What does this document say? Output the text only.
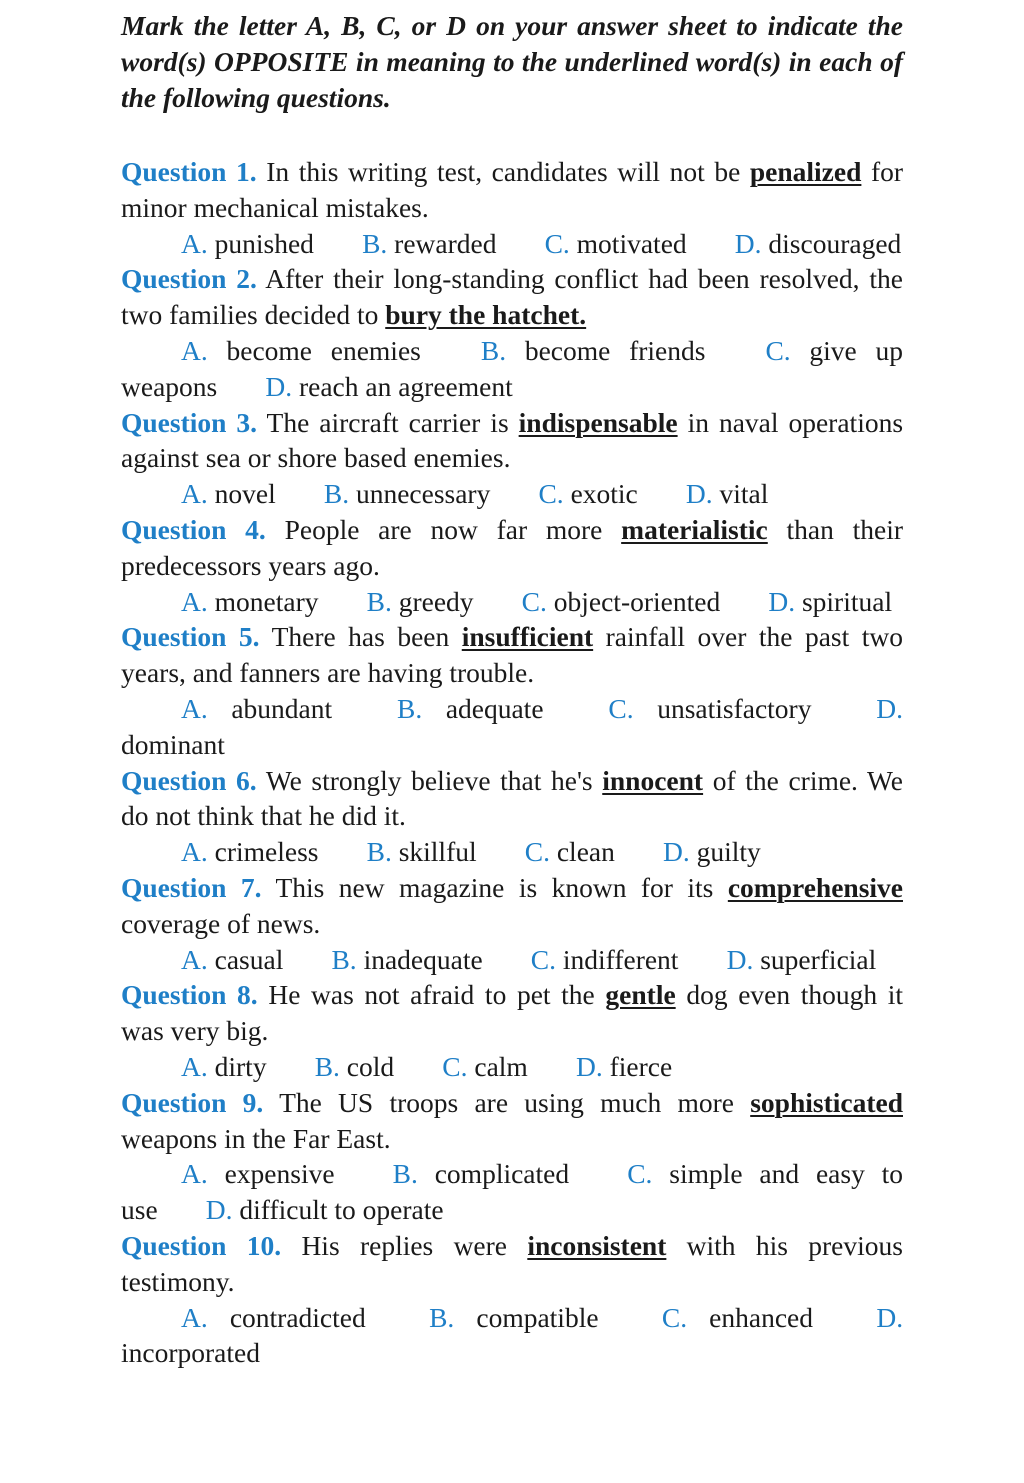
Mark the letter A, B, C, or D on your answer sheet to indicate the word(s) OPPOSITE in meaning to the underlined word(s) in each of the following questions.

Question 1. In this writing test, candidates will not be penalized for minor mechanical mistakes.

A. punished   B. rewarded   C. motivated   D. discouraged

Question 2. After their long-standing conflict had been resolved, the two families decided to bury the hatchet.

A. become enemies   B. become friends   C. give up weapons   D. reach an agreement

Question 3. The aircraft carrier is indispensable in naval operations against sea or shore based enemies.

A. novel   B. unnecessary   C. exotic   D. vital

Question 4. People are now far more materialistic than their predecessors years ago.

A. monetary   B. greedy   C. object-oriented   D. spiritual

Question 5. There has been insufficient rainfall over the past two years, and fanners are having trouble.

A. abundant   B. adequate   C. unsatisfactory   D. dominant

Question 6. We strongly believe that he's innocent of the crime. We do not think that he did it.

A. crimeless   B. skillful   C. clean   D. guilty

Question 7. This new magazine is known for its comprehensive coverage of news.

A. casual   B. inadequate   C. indifferent   D. superficial

Question 8. He was not afraid to pet the gentle dog even though it was very big.

A. dirty   B. cold   C. calm   D. fierce

Question 9. The US troops are using much more sophisticated weapons in the Far East.

A. expensive   B. complicated   C. simple and easy to use   D. difficult to operate

Question 10. His replies were inconsistent with his previous testimony.

A. contradicted   B. compatible   C. enhanced   D. incorporated
